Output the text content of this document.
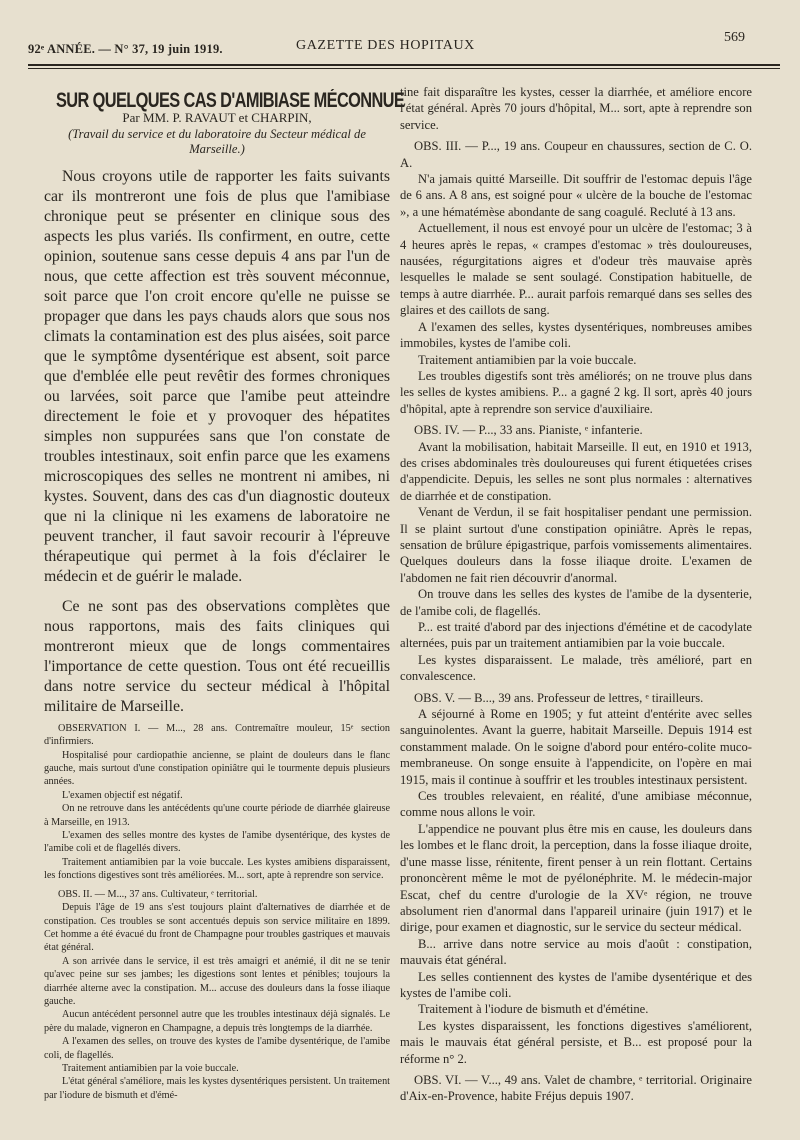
92ᵉ ANNÉE. — N° 37, 19 juin 1919.	GAZETTE DES HOPITAUX
569
SUR QUELQUES CAS D'AMIBIASE MÉCONNUE
Par MM. P. RAVAUT et CHARPIN,
(Travail du service et du laboratoire du Secteur médical de Marseille.)

Nous croyons utile de rapporter les faits suivants car ils montreront une fois de plus que l'amibiase chronique peut se présenter en clinique sous des aspects les plus variés. Ils confirment, en outre, cette opinion, soutenue sans cesse depuis 4 ans par l'un de nous, que cette affection est très souvent méconnue, soit parce que l'on croit encore qu'elle ne puisse se propager que dans les pays chauds alors que sous nos climats la contamination est des plus aisées, soit parce que le symptôme dysentérique est absent, soit parce que d'emblée elle peut revêtir des formes chroniques ou larvées, soit parce que l'amibe peut atteindre directement le foie et y provoquer des hépatites simples non suppurées sans que l'on constate de troubles intestinaux, soit enfin parce que les examens microscopiques des selles ne montrent ni amibes, ni kystes. Souvent, dans des cas d'un diagnostic douteux que ni la clinique ni les examens de laboratoire ne peuvent trancher, il faut savoir recourir à l'épreuve thérapeutique qui permet à la fois d'éclairer le médecin et de guérir le malade.

Ce ne sont pas des observations complètes que nous rapportons, mais des faits cliniques qui montreront mieux que de longs commentaires l'importance de cette question. Tous ont été recueillis dans notre service du secteur médical à l'hôpital militaire de Marseille.

OBSERVATION I. — M..., 28 ans. Contremaître mouleur, 15ᵉ section d'infirmiers.

Hospitalisé pour cardiopathie ancienne, se plaint de douleurs dans le flanc gauche, mais surtout d'une constipation opiniâtre qui le tourmente depuis plusieurs années.

L'examen objectif est négatif.

On ne retrouve dans les antécédents qu'une courte période de diarrhée glaireuse à Marseille, en 1913.

L'examen des selles montre des kystes de l'amibe dysentérique, des kystes de l'amibe coli et de flagellés divers.

Traitement antiamibien par la voie buccale. Les kystes amibiens disparaissent, les fonctions digestives sont très améliorées. M... sort, apte à reprendre son service.

OBS. II. — M..., 37 ans. Cultivateur, ᵉ territorial.

Depuis l'âge de 19 ans s'est toujours plaint d'alternatives de diarrhée et de constipation. Ces troubles se sont accentués depuis son service militaire en 1899. Cet homme a été évacué du front de Champagne pour troubles gastriques et mauvais état général.

A son arrivée dans le service, il est très amaigri et anémié, il dit ne se tenir qu'avec peine sur ses jambes; les digestions sont lentes et pénibles; toujours la diarrhée alterne avec la constipation. M... accuse des douleurs dans la fosse iliaque gauche.

Aucun antécédent personnel autre que les troubles intestinaux déjà signalés. Le père du malade, vigneron en Champagne, a depuis très longtemps de la diarrhée.

A l'examen des selles, on trouve des kystes de l'amibe dysentérique, de l'amibe coli, de flagellés.

Traitement antiamibien par la voie buccale.

L'état général s'améliore, mais les kystes dysentériques persistent. Un traitement par l'iodure de bismuth et d'émé-

tine fait disparaître les kystes, cesser la diarrhée, et améliore encore l'état général. Après 70 jours d'hôpital, M... sort, apte à reprendre son service.

OBS. III. — P..., 19 ans. Coupeur en chaussures, section de C. O. A.

N'a jamais quitté Marseille. Dit souffrir de l'estomac depuis l'âge de 6 ans. A 8 ans, est soigné pour « ulcère de la bouche de l'estomac », a une hématémèse abondante de sang coagulé. Recluté à 13 ans.

Actuellement, il nous est envoyé pour un ulcère de l'estomac; 3 à 4 heures après le repas, « crampes d'estomac » très douloureuses, nausées, régurgitations aigres et d'odeur très mauvaise après lesquelles le malade se sent soulagé. Constipation habituelle, de temps à autre diarrhée. P... aurait parfois remarqué dans ses selles des glaires et des caillots de sang.

A l'examen des selles, kystes dysentériques, nombreuses amibes immobiles, kystes de l'amibe coli.

Traitement antiamibien par la voie buccale.

Les troubles digestifs sont très améliorés; on ne trouve plus dans les selles de kystes amibiens. P... a gagné 2 kg. Il sort, après 40 jours d'hôpital, apte à reprendre son service d'auxiliaire.

OBS. IV. — P..., 33 ans. Pianiste, ᵉ infanterie.

Avant la mobilisation, habitait Marseille. Il eut, en 1910 et 1913, des crises abdominales très douloureuses qui furent étiquetées crises d'appendicite. Depuis, les selles ne sont plus normales : alternatives de diarrhée et de constipation.

Venant de Verdun, il se fait hospitaliser pendant une permission. Il se plaint surtout d'une constipation opiniâtre. Après le repas, sensation de brûlure épigastrique, parfois vomissements alimentaires. Quelques douleurs dans la fosse iliaque droite. L'examen de l'abdomen ne fait rien découvrir d'anormal.

On trouve dans les selles des kystes de l'amibe de la dysenterie, de l'amibe coli, de flagellés.

P... est traité d'abord par des injections d'émétine et de cacodylate alternées, puis par un traitement antiamibien par la voie buccale.

Les kystes disparaissent. Le malade, très amélioré, part en convalescence.

OBS. V. — B..., 39 ans. Professeur de lettres, ᵉ tirailleurs.

A séjourné à Rome en 1905; y fut atteint d'entérite avec selles sanguinolentes. Avant la guerre, habitait Marseille. Depuis 1914 est constamment malade. On le soigne d'abord pour entéro-colite muco-membraneuse. On songe ensuite à l'appendicite, on l'opère en mai 1915, mais il continue à souffrir et les troubles intestinaux persistent.

Ces troubles relevaient, en réalité, d'une amibiase méconnue, comme nous allons le voir.

L'appendice ne pouvant plus être mis en cause, les douleurs dans les lombes et le flanc droit, la perception, dans la fosse iliaque droite, d'une masse lisse, rénitente, firent penser à un rein flottant. Certains prononcèrent même le mot de pyélonéphrite. M. le médecin-major Escat, chef du centre d'urologie de la XVᵉ région, ne trouve absolument rien d'anormal dans l'appareil urinaire (juin 1917) et le dirige, pour examen et diagnostic, sur le service du secteur médical.

B... arrive dans notre service au mois d'août : constipation, mauvais état général.

Les selles contiennent des kystes de l'amibe dysentérique et des kystes de l'amibe coli.

Traitement à l'iodure de bismuth et d'émétine.

Les kystes disparaissent, les fonctions digestives s'améliorent, mais le mauvais état général persiste, et B... est proposé pour la réforme n° 2.

OBS. VI. — V..., 49 ans. Valet de chambre, ᵉ territorial. Originaire d'Aix-en-Provence, habite Fréjus depuis 1907.
